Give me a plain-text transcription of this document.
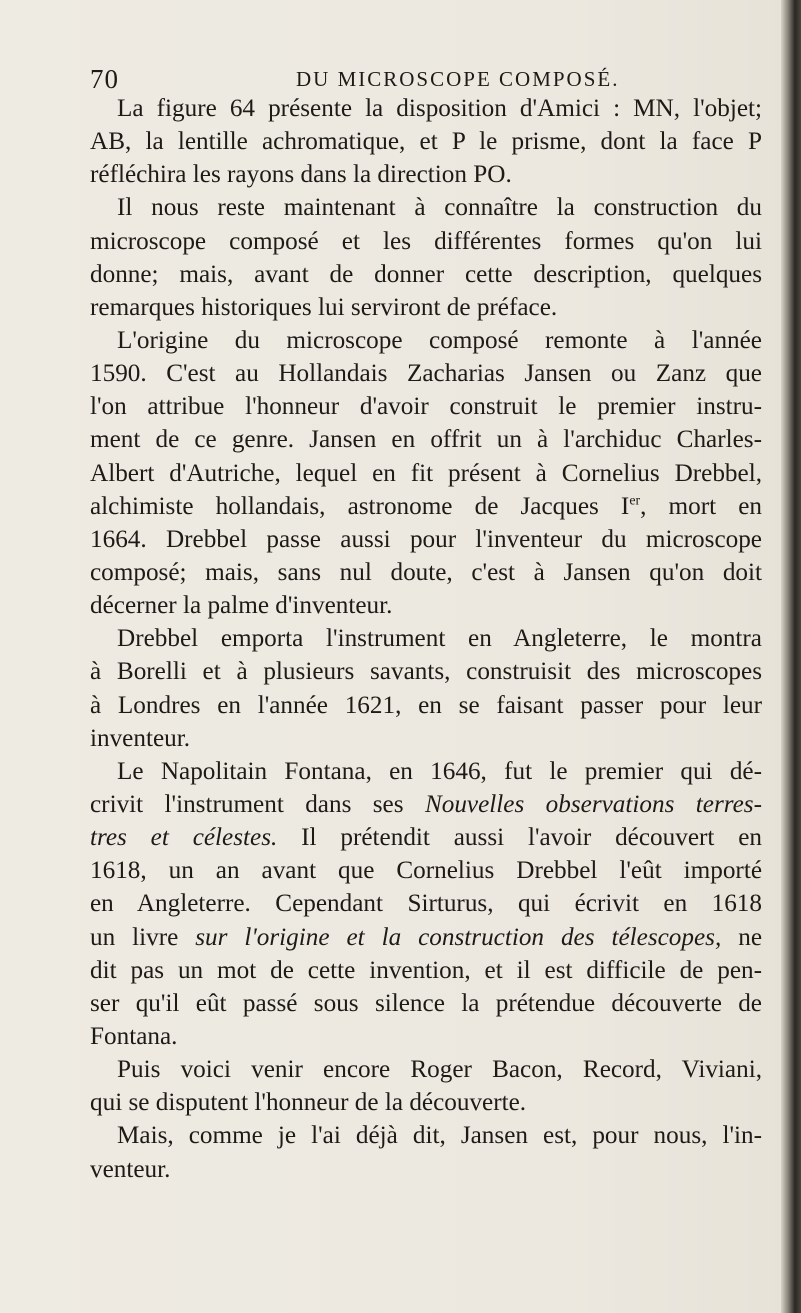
70	DU MICROSCOPE COMPOSÉ.
La figure 64 présente la disposition d'Amici : MN, l'objet;
AB, la lentille achromatique, et P le prisme, dont la face P
réfléchira les rayons dans la direction PO.
Il nous reste maintenant à connaître la construction du
microscope composé et les différentes formes qu'on lui
donne; mais, avant de donner cette description, quelques
remarques historiques lui serviront de préface.
L'origine du microscope composé remonte à l'année
1590. C'est au Hollandais Zacharias Jansen ou Zanz que
l'on attribue l'honneur d'avoir construit le premier instru-
ment de ce genre. Jansen en offrit un à l'archiduc Charles-
Albert d'Autriche, lequel en fit présent à Cornelius Drebbel,
alchimiste hollandais, astronome de Jacques Ier, mort en
1664. Drebbel passe aussi pour l'inventeur du microscope
composé; mais, sans nul doute, c'est à Jansen qu'on doit
décerner la palme d'inventeur.
Drebbel emporta l'instrument en Angleterre, le montra
à Borelli et à plusieurs savants, construisit des microscopes
à Londres en l'année 1621, en se faisant passer pour leur
inventeur.
Le Napolitain Fontana, en 1646, fut le premier qui dé-
crivit l'instrument dans ses Nouvelles observations terres-
tres et célestes. Il prétendit aussi l'avoir découvert en
1618, un an avant que Cornelius Drebbel l'eût importé
en Angleterre. Cependant Sirturus, qui écrivit en 1618
un livre sur l'origine et la construction des télescopes, ne
dit pas un mot de cette invention, et il est difficile de pen-
ser qu'il eût passé sous silence la prétendue découverte de
Fontana.
Puis voici venir encore Roger Bacon, Record, Viviani,
qui se disputent l'honneur de la découverte.
Mais, comme je l'ai déjà dit, Jansen est, pour nous, l'in-
venteur.
